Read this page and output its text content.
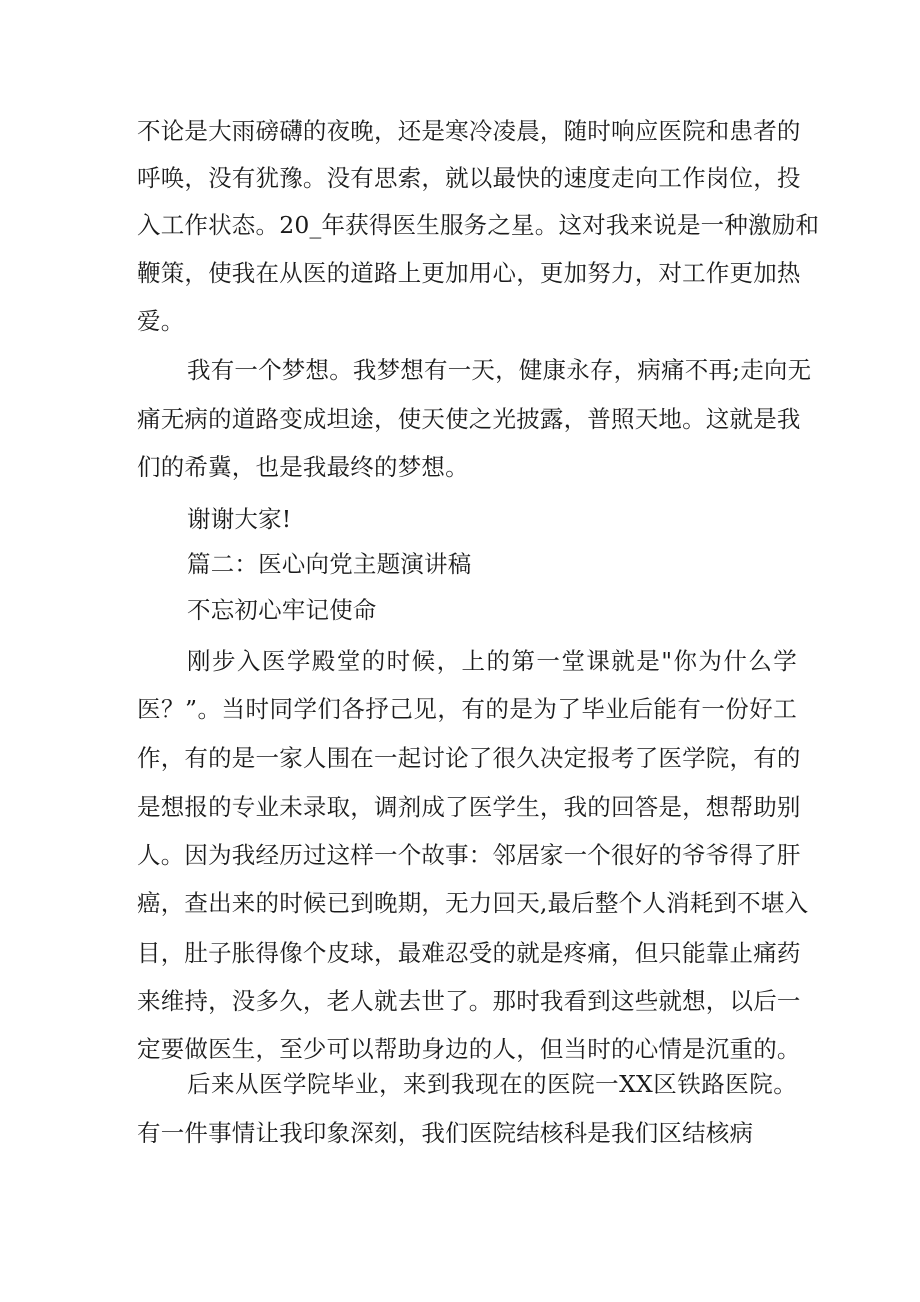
不论是大雨磅礴的夜晚，还是寒冷凌晨，随时响应医院和患者的
呼唤，没有犹豫。没有思索，就以最快的速度走向工作岗位，投
入工作状态。20_年获得医生服务之星。这对我来说是一种激励和
鞭策，使我在从医的道路上更加用心，更加努力，对工作更加热
爱。
我有一个梦想。我梦想有一天，健康永存，病痛不再;走向无
痛无病的道路变成坦途，使天使之光披露，普照天地。这就是我
们的希冀，也是我最终的梦想。
谢谢大家!
篇二：医心向党主题演讲稿
不忘初心牢记使命
刚步入医学殿堂的时候，上的第一堂课就是"你为什么学
医？”。当时同学们各抒己见，有的是为了毕业后能有一份好工
作，有的是一家人围在一起讨论了很久决定报考了医学院，有的
是想报的专业未录取，调剂成了医学生，我的回答是，想帮助别
人。因为我经历过这样一个故事：邻居家一个很好的爷爷得了肝
癌，查出来的时候已到晚期，无力回天,最后整个人消耗到不堪入
目，肚子胀得像个皮球，最难忍受的就是疼痛，但只能靠止痛药
来维持，没多久，老人就去世了。那时我看到这些就想，以后一
定要做医生，至少可以帮助身边的人，但当时的心情是沉重的。
后来从医学院毕业，来到我现在的医院一XX区铁路医院。
有一件事情让我印象深刻，我们医院结核科是我们区结核病
